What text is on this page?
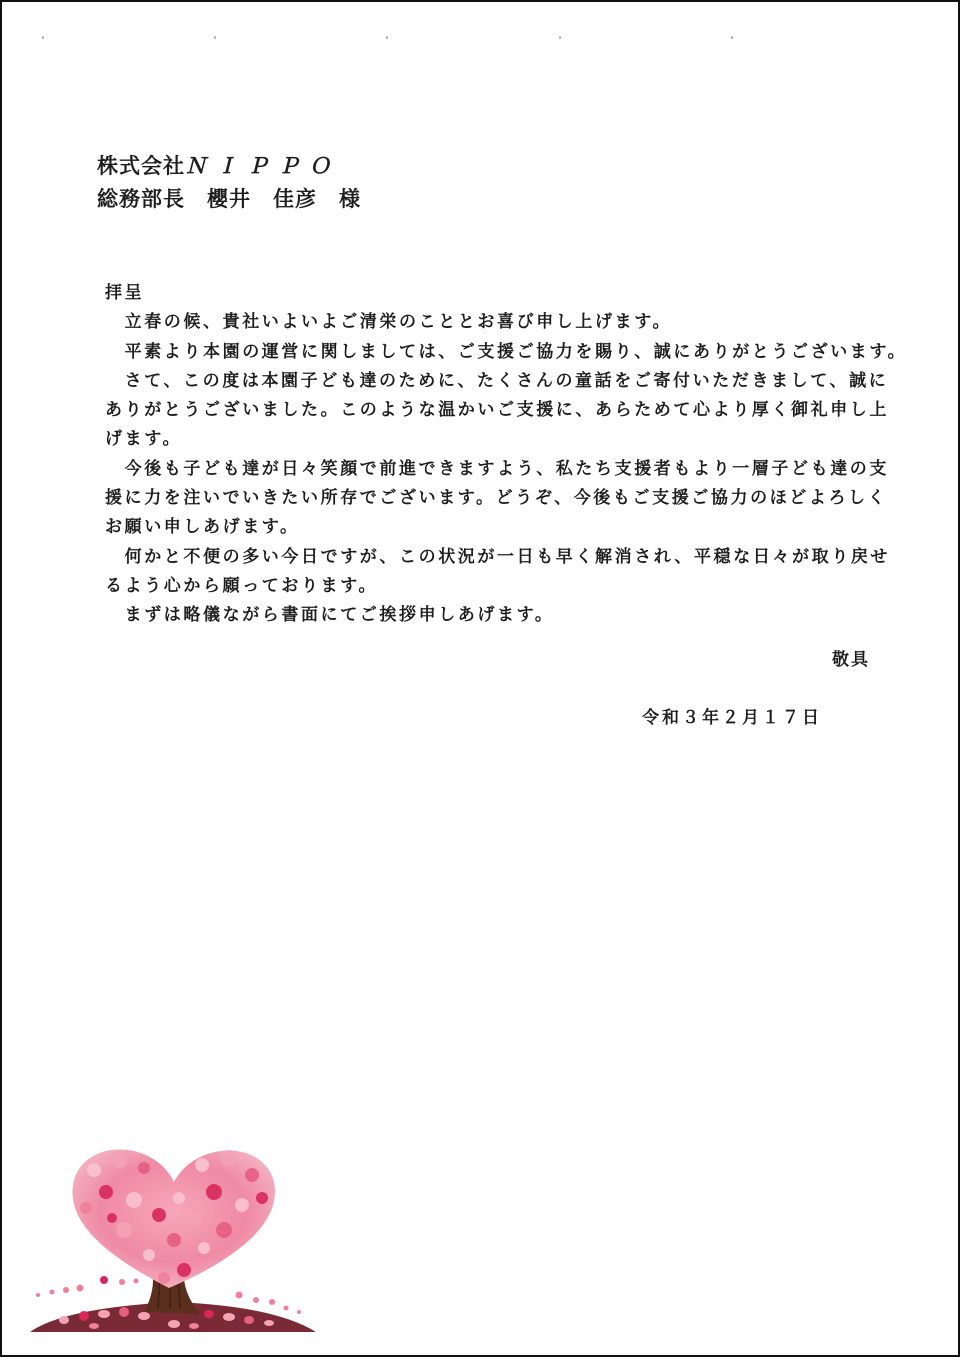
株式会社ＮＩＰＰＯ
総務部長　櫻井　佳彦　様
拝呈
　立春の候、貴社いよいよご清栄のこととお喜び申し上げます。
　平素より本園の運営に関しましては、ご支援ご協力を賜り、誠にありがとうございます。
　さて、この度は本園子ども達のために、たくさんの童話をご寄付いただきまして、誠に
ありがとうございました。このような温かいご支援に、あらためて心より厚く御礼申し上
げます。
　今後も子ども達が日々笑顔で前進できますよう、私たち支援者もより一層子ども達の支
援に力を注いでいきたい所存でございます。どうぞ、今後もご支援ご協力のほどよろしく
お願い申しあげます。
　何かと不便の多い今日ですが、この状況が一日も早く解消され、平穏な日々が取り戻せ
るよう心から願っております。
　まずは略儀ながら書面にてご挨拶申しあげます。
敬具
令和３年２月１７日
